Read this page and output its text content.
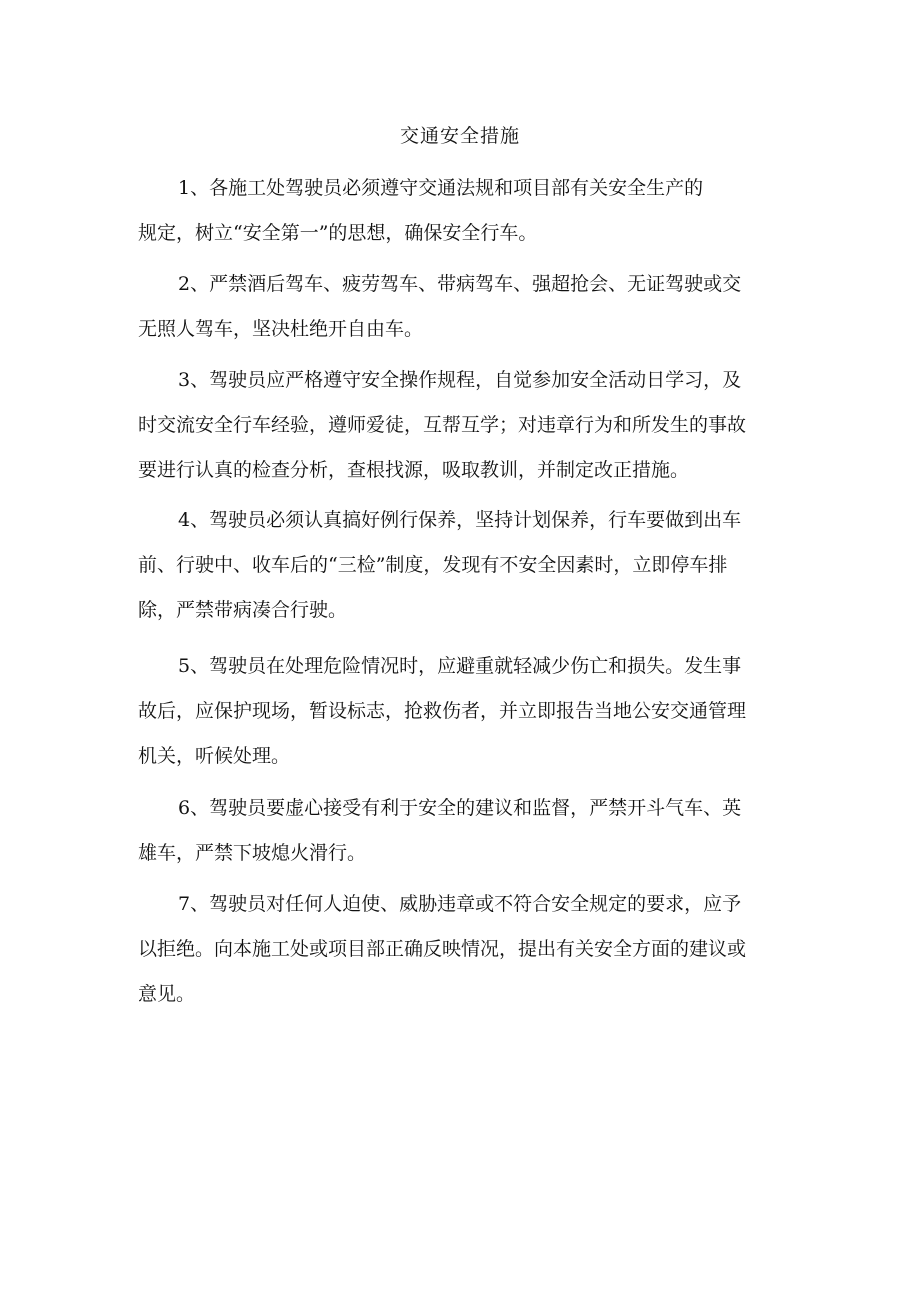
交通安全措施
1、各施工处驾驶员必须遵守交通法规和项目部有关安全生产的
规定，树立“安全第一”的思想，确保安全行车。
2、严禁酒后驾车、疲劳驾车、带病驾车、强超抢会、无证驾驶或交
无照人驾车，坚决杜绝开自由车。
3、驾驶员应严格遵守安全操作规程，自觉参加安全活动日学习，及
时交流安全行车经验，遵师爱徒，互帮互学；对违章行为和所发生的事故
要进行认真的检查分析，查根找源，吸取教训，并制定改正措施。
4、驾驶员必须认真搞好例行保养，坚持计划保养，行车要做到出车
前、行驶中、收车后的“三检”制度，发现有不安全因素时，立即停车排
除，严禁带病凑合行驶。
5、驾驶员在处理危险情况时，应避重就轻减少伤亡和损失。发生事
故后，应保护现场，暂设标志，抢救伤者，并立即报告当地公安交通管理
机关，听候处理。
6、驾驶员要虚心接受有利于安全的建议和监督，严禁开斗气车、英
雄车，严禁下坡熄火滑行。
7、驾驶员对任何人迫使、威胁违章或不符合安全规定的要求，应予
以拒绝。向本施工处或项目部正确反映情况，提出有关安全方面的建议或
意见。
